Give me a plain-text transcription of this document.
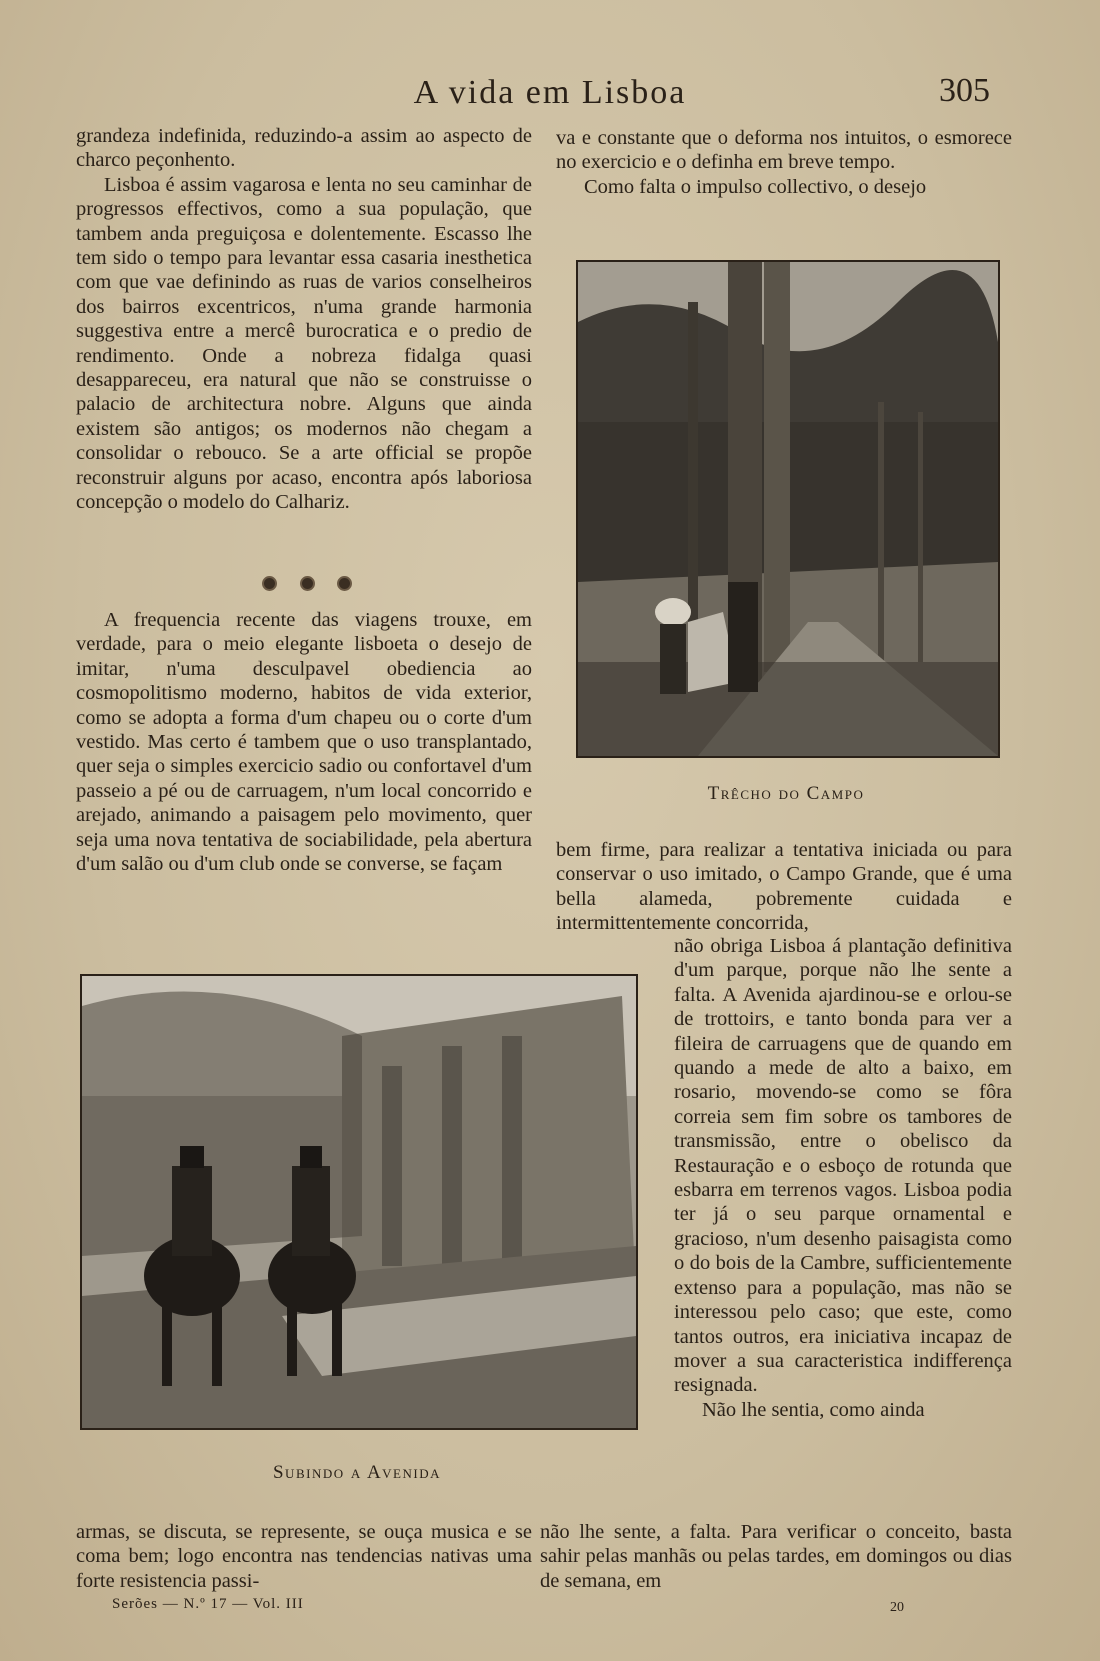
A vida em Lisboa	305

grandeza indefinida, reduzindo-a assim ao aspecto de charco peçonhento.

Lisboa é assim vagarosa e lenta no seu caminhar de progressos effectivos, como a sua população, que tambem anda preguiçosa e dolentemente. Escasso lhe tem sido o tempo para levantar essa casaria inesthetica com que vae definindo as ruas de varios conselheiros dos bairros excentricos, n'uma grande harmonia suggestiva entre a mercê burocratica e o predio de rendimento. Onde a nobreza fidalga quasi desappareceu, era natural que não se construisse o palacio de architectura nobre. Alguns que ainda existem são antigos; os modernos não chegam a consolidar o rebouco. Se a arte official se propõe reconstruir alguns por acaso, encontra após laboriosa concepção o modelo do Calhariz.

A frequencia recente das viagens trouxe, em verdade, para o meio elegante lisboeta o desejo de imitar, n'uma desculpavel obediencia ao cosmopolitismo moderno, habitos de vida exterior, como se adopta a forma d'um chapeu ou o corte d'um vestido. Mas certo é tambem que o uso transplantado, quer seja o simples exercicio sadio ou confortavel d'um passeio a pé ou de carruagem, n'um local concorrido e arejado, animando a paisagem pelo movimento, quer seja uma nova tentativa de sociabilidade, pela abertura d'um salão ou d'um club onde se converse, se façam

va e constante que o deforma nos intuitos, o esmorece no exercicio e o definha em breve tempo.

Como falta o impulso collectivo, o desejo

Trêcho do Campo

bem firme, para realizar a tentativa iniciada ou para conservar o uso imitado, o Campo Grande, que é uma bella alameda, pobremente cuidada e intermittentemente concorrida,

não obriga Lisboa á plantação definitiva d'um parque, porque não lhe sente a falta. A Avenida ajardinou-se e orlou-se de trottoirs, e tanto bonda para ver a fileira de carruagens que de quando em quando a mede de alto a baixo, em rosario, movendo-se como se fôra correia sem fim sobre os tambores de transmissão, entre o obelisco da Restauração e o esboço de rotunda que esbarra em terrenos vagos. Lisboa podia ter já o seu parque ornamental e gracioso, n'um desenho paisagista como o do bois de la Cambre, sufficientemente extenso para a população, mas não se interessou pelo caso; que este, como tantos outros, era iniciativa incapaz de mover a sua caracteristica indifferença resignada.

Não lhe sentia, como ainda

Subindo a Avenida

armas, se discuta, se represente, se ouça musica e se coma bem; logo encontra nas tendencias nativas uma forte resistencia passi-

não lhe sente, a falta. Para verificar o conceito, basta sahir pelas manhãs ou pelas tardes, em domingos ou dias de semana, em

Serões — N.º 17 — Vol. III	20
